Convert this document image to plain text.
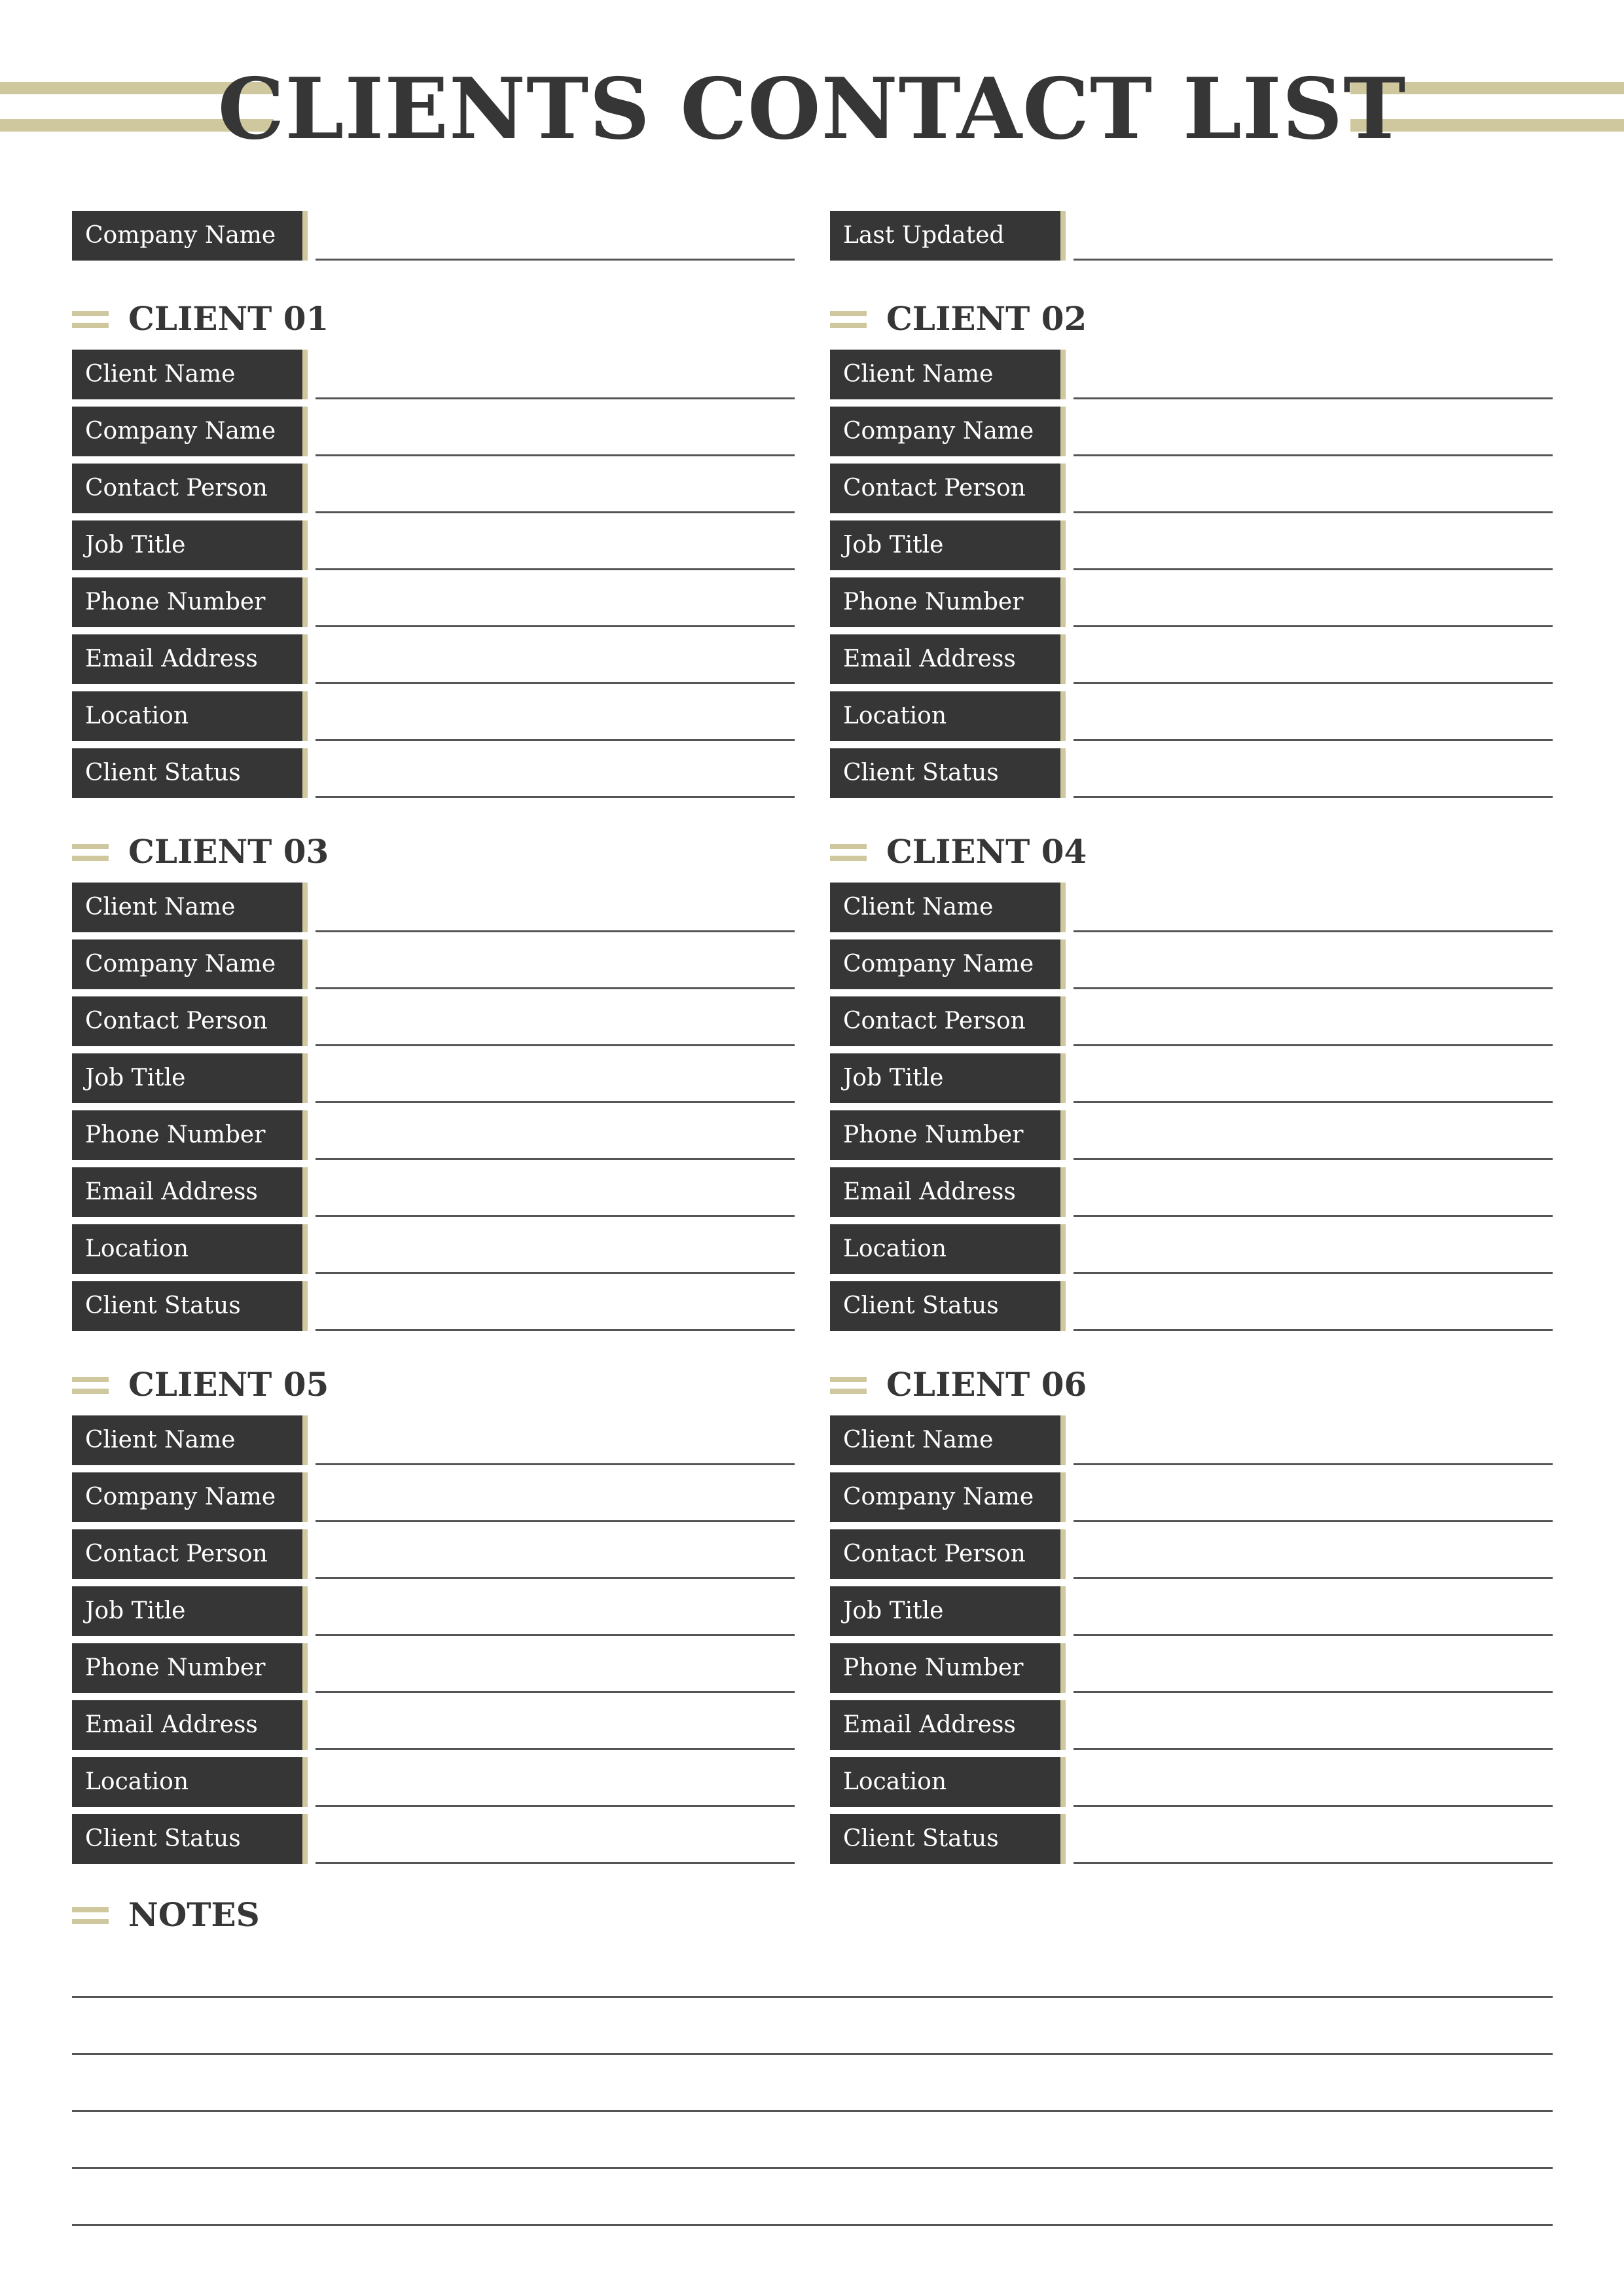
CLIENTS CONTACT LIST
Company Name	Last Updated
CLIENT 01
Client Name
Company Name
Contact Person
Job Title
Phone Number
Email Address
Location
Client Status
CLIENT 02
Client Name
Company Name
Contact Person
Job Title
Phone Number
Email Address
Location
Client Status
CLIENT 03
Client Name
Company Name
Contact Person
Job Title
Phone Number
Email Address
Location
Client Status
CLIENT 04
Client Name
Company Name
Contact Person
Job Title
Phone Number
Email Address
Location
Client Status
CLIENT 05
Client Name
Company Name
Contact Person
Job Title
Phone Number
Email Address
Location
Client Status
CLIENT 06
Client Name
Company Name
Contact Person
Job Title
Phone Number
Email Address
Location
Client Status
NOTES
